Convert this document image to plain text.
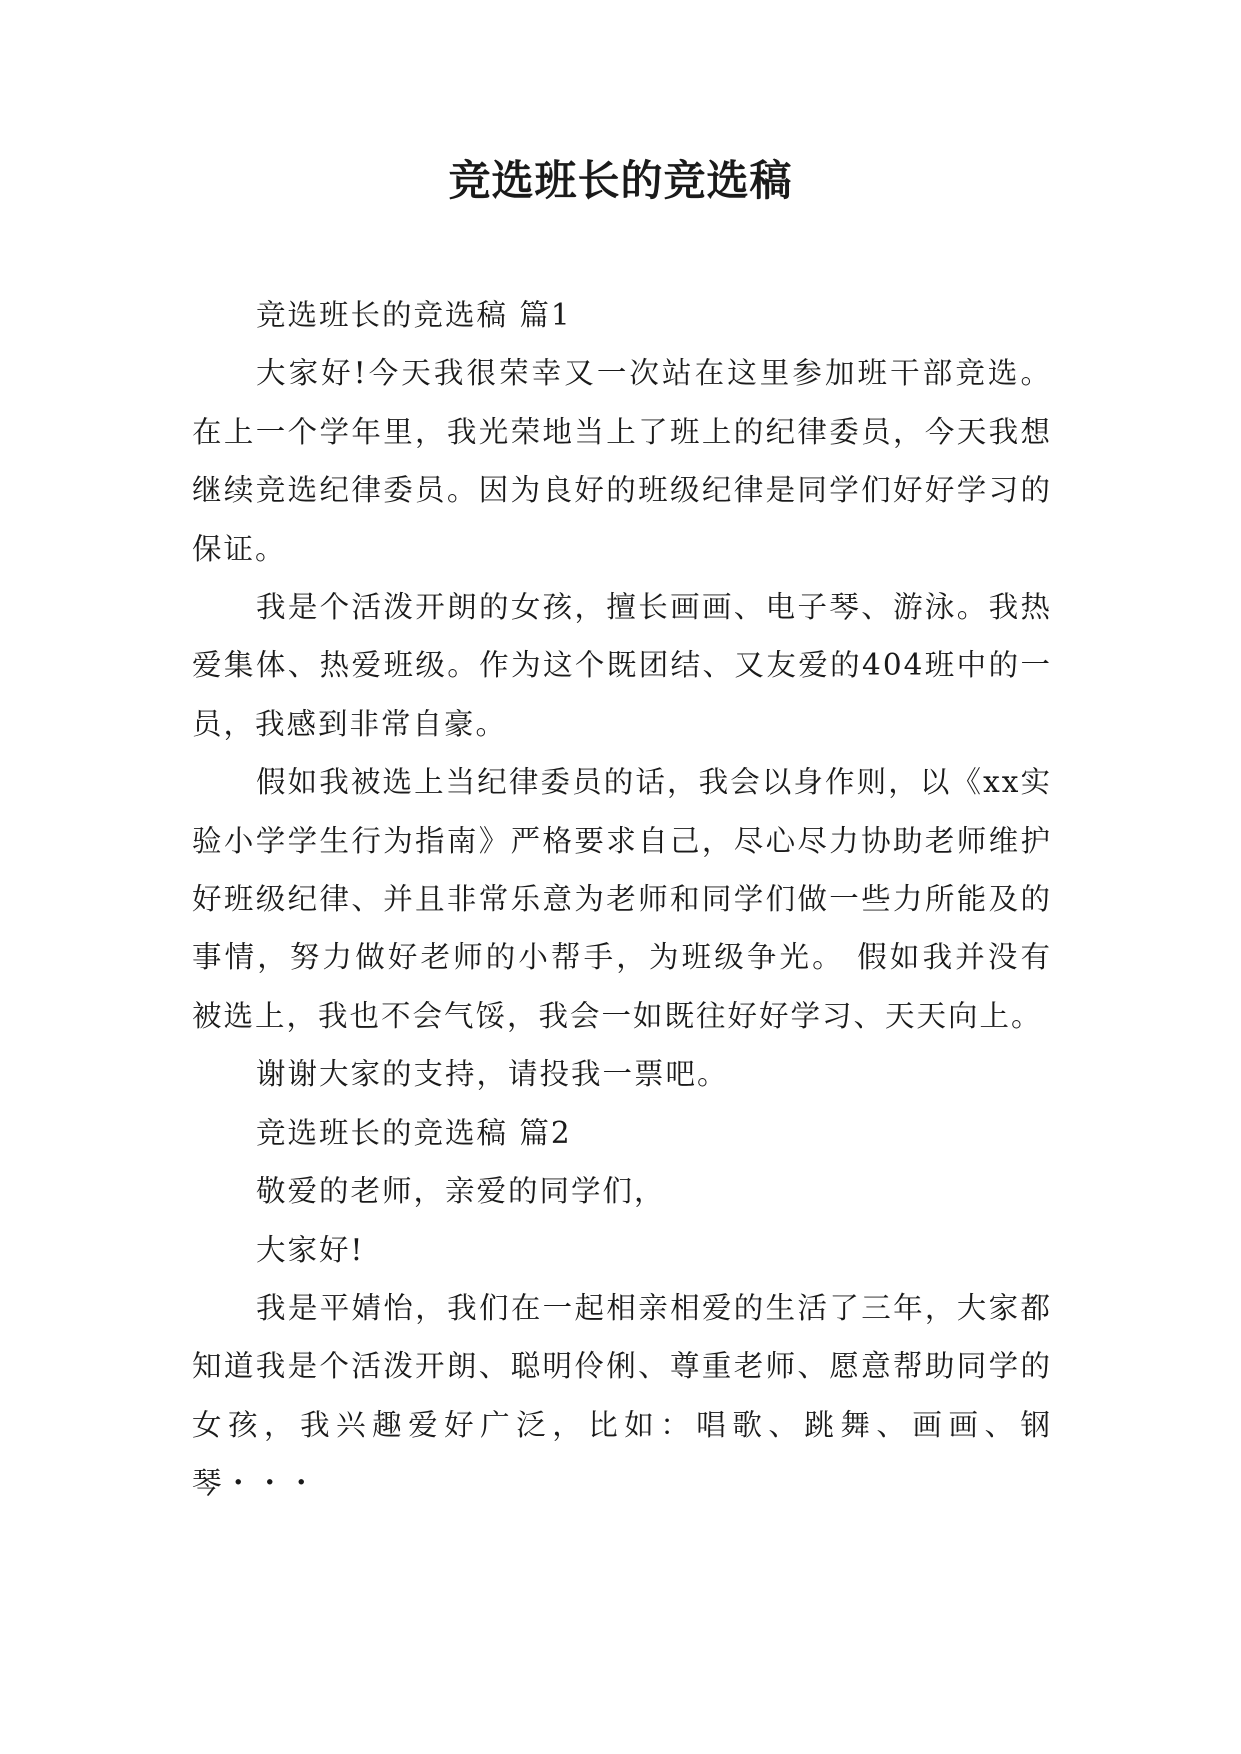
竞选班长的竞选稿

竞选班长的竞选稿 篇1

大家好!今天我很荣幸又一次站在这里参加班干部竞选。在上一个学年里，我光荣地当上了班上的纪律委员，今天我想继续竞选纪律委员。因为良好的班级纪律是同学们好好学习的保证。

我是个活泼开朗的女孩，擅长画画、电子琴、游泳。我热爱集体、热爱班级。作为这个既团结、又友爱的404班中的一员，我感到非常自豪。

假如我被选上当纪律委员的话，我会以身作则，以《xx实验小学学生行为指南》严格要求自己，尽心尽力协助老师维护好班级纪律、并且非常乐意为老师和同学们做一些力所能及的事情，努力做好老师的小帮手，为班级争光。 假如我并没有被选上，我也不会气馁，我会一如既往好好学习、天天向上。

谢谢大家的支持，请投我一票吧。

竞选班长的竞选稿 篇2

敬爱的老师，亲爱的同学们，

大家好!

我是平婧怡，我们在一起相亲相爱的生活了三年，大家都知道我是个活泼开朗、聪明伶俐、尊重老师、愿意帮助同学的女孩，我兴趣爱好广泛，比如：唱歌、跳舞、画画、钢琴・・・
